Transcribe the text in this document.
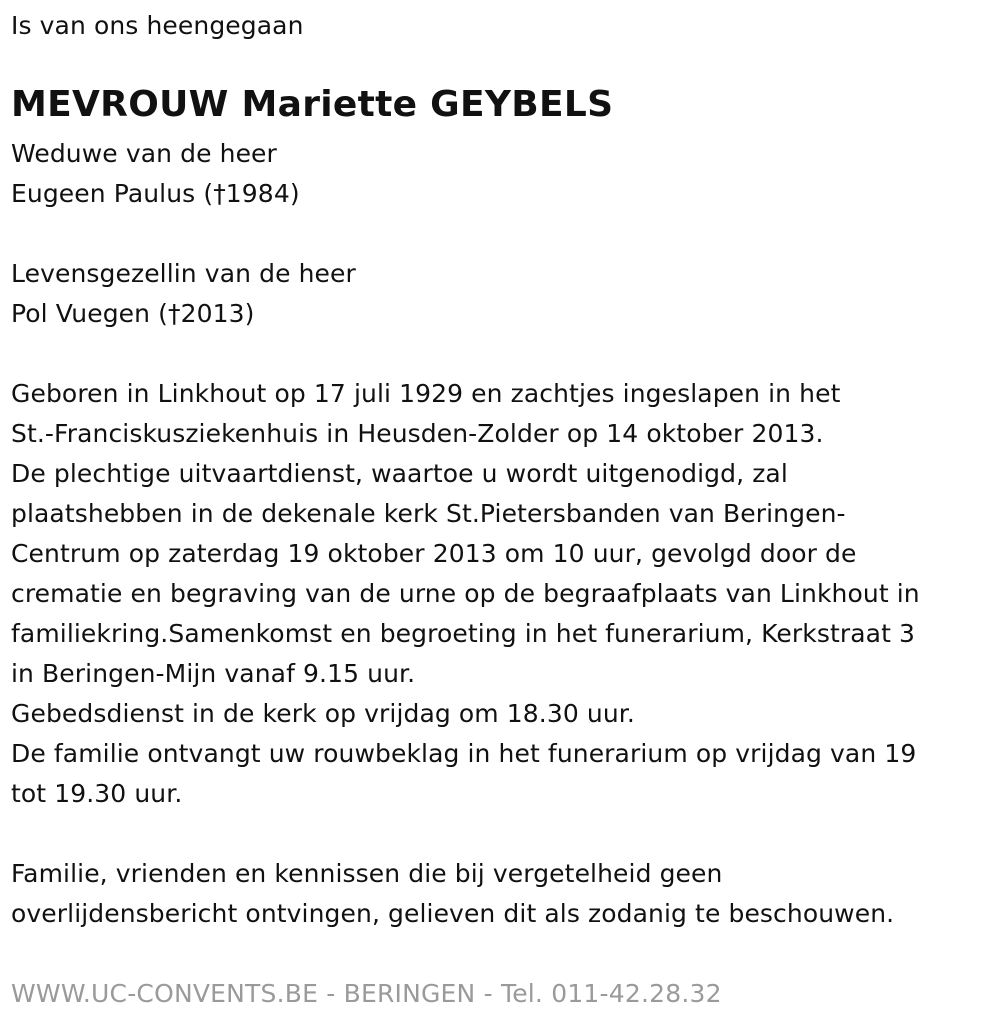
Is van ons heengegaan
MEVROUW Mariette GEYBELS
Weduwe van de heer
Eugeen Paulus (†1984)
Levensgezellin van de heer
Pol Vuegen (†2013)
Geboren in Linkhout op 17 juli 1929 en zachtjes ingeslapen in het
St.-Franciskusziekenhuis in Heusden-Zolder op 14 oktober 2013.
De plechtige uitvaartdienst, waartoe u wordt uitgenodigd, zal
plaatshebben in de dekenale kerk St.Pietersbanden van Beringen-
Centrum op zaterdag 19 oktober 2013 om 10 uur, gevolgd door de
crematie en begraving van de urne op de begraafplaats van Linkhout in
familiekring.Samenkomst en begroeting in het funerarium, Kerkstraat 3
in Beringen-Mijn vanaf 9.15 uur.
Gebedsdienst in de kerk op vrijdag om 18.30 uur.
De familie ontvangt uw rouwbeklag in het funerarium op vrijdag van 19
tot 19.30 uur.
Familie, vrienden en kennissen die bij vergetelheid geen
overlijdensbericht ontvingen, gelieven dit als zodanig te beschouwen.
WWW.UC-CONVENTS.BE - BERINGEN - Tel. 011-42.28.32
